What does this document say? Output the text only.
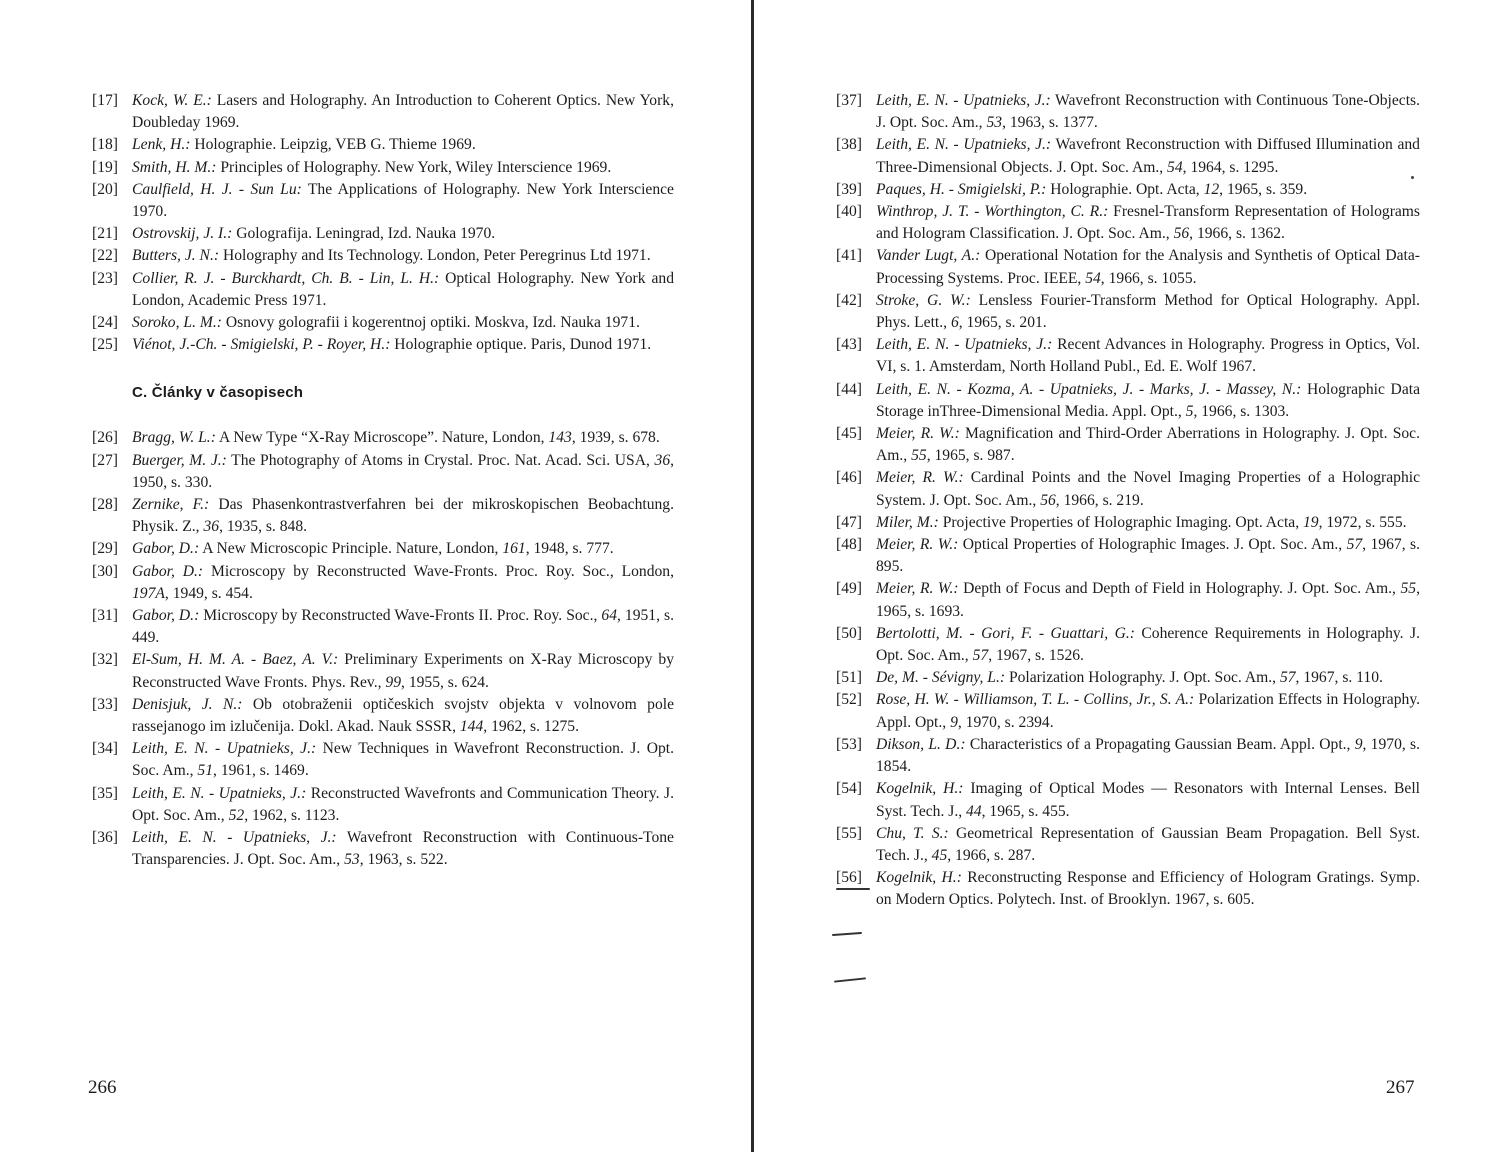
[17] Kock, W. E.: Lasers and Holography. An Introduction to Coherent Optics. New York, Doubleday 1969.
[18] Lenk, H.: Holographie. Leipzig, VEB G. Thieme 1969.
[19] Smith, H. M.: Principles of Holography. New York, Wiley Interscience 1969.
[20] Caulfield, H. J. - Sun Lu: The Applications of Holography. New York Interscience 1970.
[21] Ostrovskij, J. I.: Golografija. Leningrad, Izd. Nauka 1970.
[22] Butters, J. N.: Holography and Its Technology. London, Peter Peregrinus Ltd 1971.
[23] Collier, R. J. - Burckhardt, Ch. B. - Lin, L. H.: Optical Holography. New York and London, Academic Press 1971.
[24] Soroko, L. M.: Osnovy golografii i kogerentnoj optiki. Moskva, Izd. Nauka 1971.
[25] Viénot, J.-Ch. - Smigielski, P. - Royer, H.: Holographie optique. Paris, Dunod 1971.
C. Články v časopisech
[26] Bragg, W. L.: A New Type “X-Ray Microscope”. Nature, London, 143, 1939, s. 678.
[27] Buerger, M. J.: The Photography of Atoms in Crystal. Proc. Nat. Acad. Sci. USA, 36, 1950, s. 330.
[28] Zernike, F.: Das Phasenkontrastverfahren bei der mikroskopischen Beobachtung. Physik. Z., 36, 1935, s. 848.
[29] Gabor, D.: A New Microscopic Principle. Nature, London, 161, 1948, s. 777.
[30] Gabor, D.: Microscopy by Reconstructed Wave-Fronts. Proc. Roy. Soc., London, 197A, 1949, s. 454.
[31] Gabor, D.: Microscopy by Reconstructed Wave-Fronts II. Proc. Roy. Soc., 64, 1951, s. 449.
[32] El-Sum, H. M. A. - Baez, A. V.: Preliminary Experiments on X-Ray Microscopy by Reconstructed Wave Fronts. Phys. Rev., 99, 1955, s. 624.
[33] Denisjuk, J. N.: Ob otobraženii optičeskich svojstv objekta v volnovom pole rassejanogo im izlučenija. Dokl. Akad. Nauk SSSR, 144, 1962, s. 1275.
[34] Leith, E. N. - Upatnieks, J.: New Techniques in Wavefront Reconstruction. J. Opt. Soc. Am., 51, 1961, s. 1469.
[35] Leith, E. N. - Upatnieks, J.: Reconstructed Wavefronts and Communication Theory. J. Opt. Soc. Am., 52, 1962, s. 1123.
[36] Leith, E. N. - Upatnieks, J.: Wavefront Reconstruction with Continuous-Tone Transparencies. J. Opt. Soc. Am., 53, 1963, s. 522.
266
[37] Leith, E. N. - Upatnieks, J.: Wavefront Reconstruction with Continuous Tone-Objects. J. Opt. Soc. Am., 53, 1963, s. 1377.
[38] Leith, E. N. - Upatnieks, J.: Wavefront Reconstruction with Diffused Illumination and Three-Dimensional Objects. J. Opt. Soc. Am., 54, 1964, s. 1295.
[39] Paques, H. - Smigielski, P.: Holographie. Opt. Acta, 12, 1965, s. 359.
[40] Winthrop, J. T. - Worthington, C. R.: Fresnel-Transform Representation of Holograms and Hologram Classification. J. Opt. Soc. Am., 56, 1966, s. 1362.
[41] Vander Lugt, A.: Operational Notation for the Analysis and Synthetis of Optical Data-Processing Systems. Proc. IEEE, 54, 1966, s. 1055.
[42] Stroke, G. W.: Lensless Fourier-Transform Method for Optical Holography. Appl. Phys. Lett., 6, 1965, s. 201.
[43] Leith, E. N. - Upatnieks, J.: Recent Advances in Holography. Progress in Optics, Vol. VI, s. 1. Amsterdam, North Holland Publ., Ed. E. Wolf 1967.
[44] Leith, E. N. - Kozma, A. - Upatnieks, J. - Marks, J. - Massey, N.: Holographic Data Storage inThree-Dimensional Media. Appl. Opt., 5, 1966, s. 1303.
[45] Meier, R. W.: Magnification and Third-Order Aberrations in Holography. J. Opt. Soc. Am., 55, 1965, s. 987.
[46] Meier, R. W.: Cardinal Points and the Novel Imaging Properties of a Holographic System. J. Opt. Soc. Am., 56, 1966, s. 219.
[47] Miler, M.: Projective Properties of Holographic Imaging. Opt. Acta, 19, 1972, s. 555.
[48] Meier, R. W.: Optical Properties of Holographic Images. J. Opt. Soc. Am., 57, 1967, s. 895.
[49] Meier, R. W.: Depth of Focus and Depth of Field in Holography. J. Opt. Soc. Am., 55, 1965, s. 1693.
[50] Bertolotti, M. - Gori, F. - Guattari, G.: Coherence Requirements in Holography. J. Opt. Soc. Am., 57, 1967, s. 1526.
[51] De, M. - Sévigny, L.: Polarization Holography. J. Opt. Soc. Am., 57, 1967, s. 110.
[52] Rose, H. W. - Williamson, T. L. - Collins, Jr., S. A.: Polarization Effects in Holography. Appl. Opt., 9, 1970, s. 2394.
[53] Dikson, L. D.: Characteristics of a Propagating Gaussian Beam. Appl. Opt., 9, 1970, s. 1854.
[54] Kogelnik, H.: Imaging of Optical Modes — Resonators with Internal Lenses. Bell Syst. Tech. J., 44, 1965, s. 455.
[55] Chu, T. S.: Geometrical Representation of Gaussian Beam Propagation. Bell Syst. Tech. J., 45, 1966, s. 287.
[56] Kogelnik, H.: Reconstructing Response and Efficiency of Hologram Gratings. Symp. on Modern Optics. Polytech. Inst. of Brooklyn. 1967, s. 605.
267
